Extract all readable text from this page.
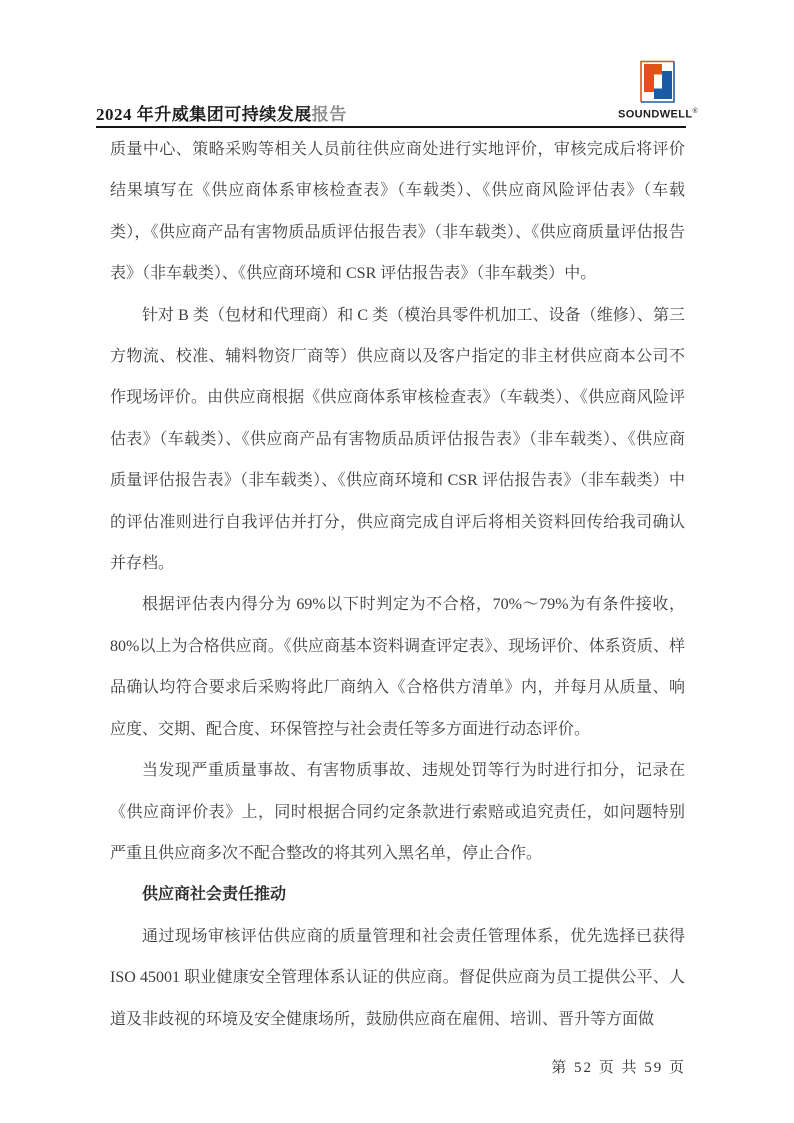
2024 年升威集团可持续发展报告	SOUNDWELL®

质量中心、策略采购等相关人员前往供应商处进行实地评价，审核完成后将评价结果填写在《供应商体系审核检查表》（车载类）、《供应商风险评估表》（车载类），《供应商产品有害物质品质评估报告表》（非车载类）、《供应商质量评估报告表》（非车载类）、《供应商环境和 CSR 评估报告表》（非车载类）中。

针对 B 类（包材和代理商）和 C 类（模治具零件机加工、设备（维修）、第三方物流、校准、辅料物资厂商等）供应商以及客户指定的非主材供应商本公司不作现场评价。由供应商根据《供应商体系审核检查表》（车载类）、《供应商风险评估表》（车载类）、《供应商产品有害物质品质评估报告表》（非车载类）、《供应商质量评估报告表》（非车载类）、《供应商环境和 CSR 评估报告表》（非车载类）中的评估准则进行自我评估并打分，供应商完成自评后将相关资料回传给我司确认并存档。

根据评估表内得分为 69%以下时判定为不合格，70%～79%为有条件接收，80%以上为合格供应商。《供应商基本资料调查评定表》、现场评价、体系资质、样品确认均符合要求后采购将此厂商纳入《合格供方清单》内，并每月从质量、响应度、交期、配合度、环保管控与社会责任等多方面进行动态评价。

当发现严重质量事故、有害物质事故、违规处罚等行为时进行扣分，记录在《供应商评价表》上，同时根据合同约定条款进行索赔或追究责任，如问题特别严重且供应商多次不配合整改的将其列入黑名单，停止合作。

供应商社会责任推动

通过现场审核评估供应商的质量管理和社会责任管理体系，优先选择已获得 ISO 45001 职业健康安全管理体系认证的供应商。督促供应商为员工提供公平、人道及非歧视的环境及安全健康场所，鼓励供应商在雇佣、培训、晋升等方面做

第 52 页 共 59 页
